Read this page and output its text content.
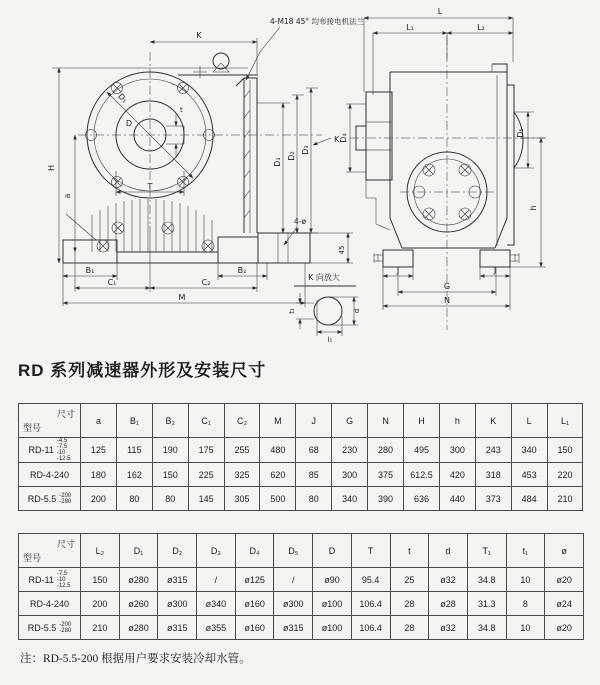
K
H
a
D₁
D
T
t
D₁
D₂
D₃
K
4-ø
45
B₁	B₂
C₁	C₂
M
4-M18 45° 均布接电机法兰
L
L₁	L₂
D₄
D₅
h
J	J
G
N
K 向放大
t₁
l₁
d
RD 系列减速器外形及安装尺寸
尺寸
型号	a	B₁	B₂	C₁	C₂	M	J	G	N	H	h	K	L	L₁

RD-11
-4.5
-7.5
-10
-12.5	125	115	190	175	255	480	68	230	280	495	300	243	340	150
RD-4-240	180	162	150	225	325	620	85	300	375	612.5	420	318	453	220

RD-5.5 -200
-280	200	80	80	145	305	500	80	340	390	636	440	373	484	210
尺寸
型号	L₂	D₁	D₂	D₃	D₄	D₅	D	T	t	d	T₁	t₁	ø

RD-11
-7.5
-10
-12.5	150	ø280	ø315	/	ø125	/	ø90	95.4	25	ø32	34.8	10	ø20
RD-4-240	200	ø260	ø300	ø340	ø160	ø300	ø100	106.4	28	ø28	31.3	8	ø24

RD-5.5 -200
-280	210	ø280	ø315	ø355	ø160	ø315	ø100	106.4	28	ø32	34.8	10	ø20
注：RD-5.5-200 根据用户要求安装冷却水管。
